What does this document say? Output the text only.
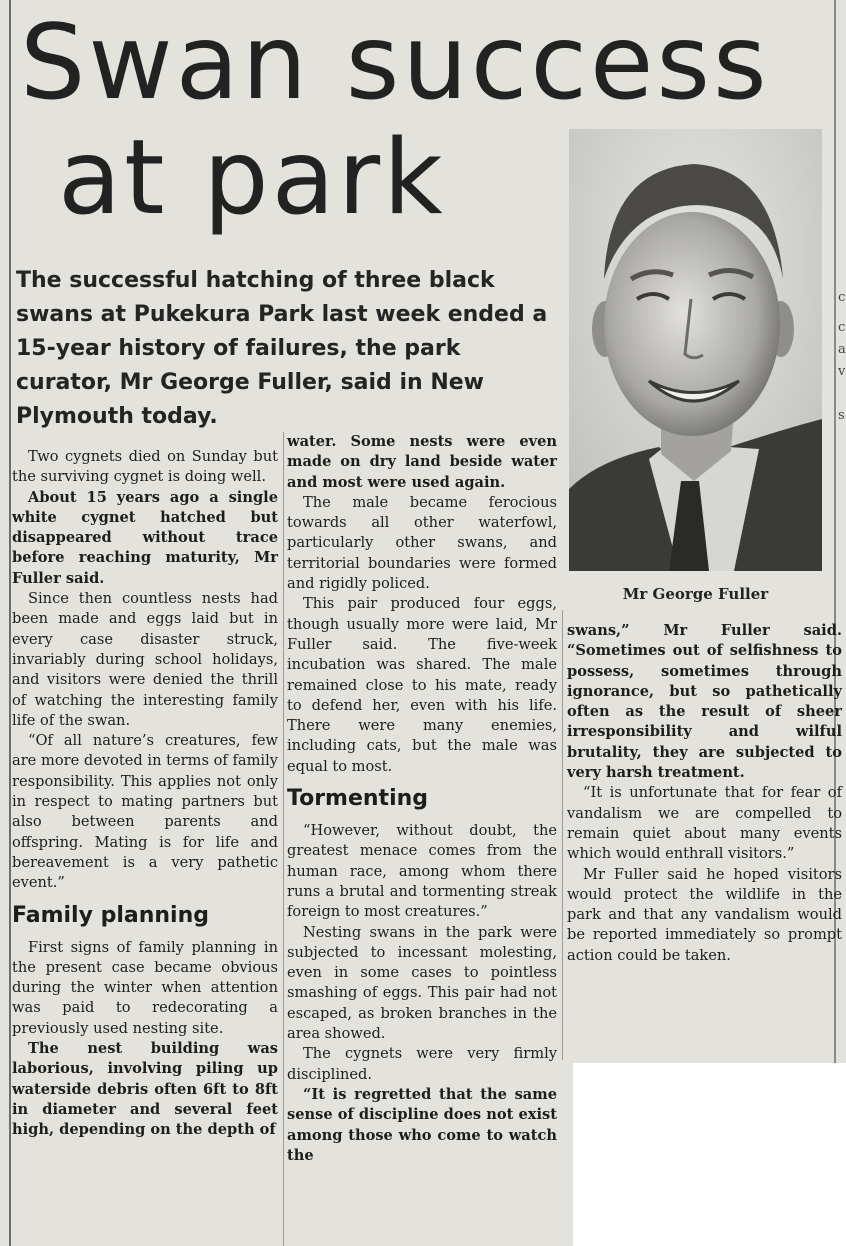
Swan success
at park

The successful hatching of three black swans at Pukekura Park last week ended a 15-year history of failures, the park curator, Mr George Fuller, said in New Plymouth today.

Mr George Fuller

Two cygnets died on Sunday but the surviving cygnet is doing well.

About 15 years ago a single white cygnet hatched but disappeared without trace before reaching maturity, Mr Fuller said.

Since then countless nests had been made and eggs laid but in every case disaster struck, invariably during school holidays, and visitors were denied the thrill of watching the interesting family life of the swan.

“Of all nature’s creatures, few are more devoted in terms of family responsibility. This applies not only in respect to mating partners but also between parents and offspring. Mating is for life and bereavement is a very pathetic event.”

Family planning

First signs of family planning in the present case became obvious during the winter when attention was paid to redecorating a previously used nesting site.

The nest building was laborious, involving piling up waterside debris often 6ft to 8ft in diameter and several feet high, depending on the depth of

water. Some nests were even made on dry land beside water and most were used again.

The male became ferocious towards all other waterfowl, particularly other swans, and territorial boundaries were formed and rigidly policed.

This pair produced four eggs, though usually more were laid, Mr Fuller said. The five-week incubation was shared. The male remained close to his mate, ready to defend her, even with his life. There were many enemies, including cats, but the male was equal to most.

Tormenting

“However, without doubt, the greatest menace comes from the human race, among whom there runs a brutal and tormenting streak foreign to most creatures.”

Nesting swans in the park were subjected to incessant molesting, even in some cases to pointless smashing of eggs. This pair had not escaped, as broken branches in the area showed.

The cygnets were very firmly disciplined.

“It is regretted that the same sense of discipline does not exist among those who come to watch the

swans,” Mr Fuller said. “Sometimes out of selfishness to possess, sometimes through ignorance, but so pathetically often as the result of sheer irresponsibility and wilful brutality, they are subjected to very harsh treatment.

“It is unfortunate that for fear of vandalism we are compelled to remain quiet about many events which would enthrall visitors.”

Mr Fuller said he hoped visitors would protect the wildlife in the park and that any vandalism would be reported immediately so prompt action could be taken.

c
c
a
v
s
